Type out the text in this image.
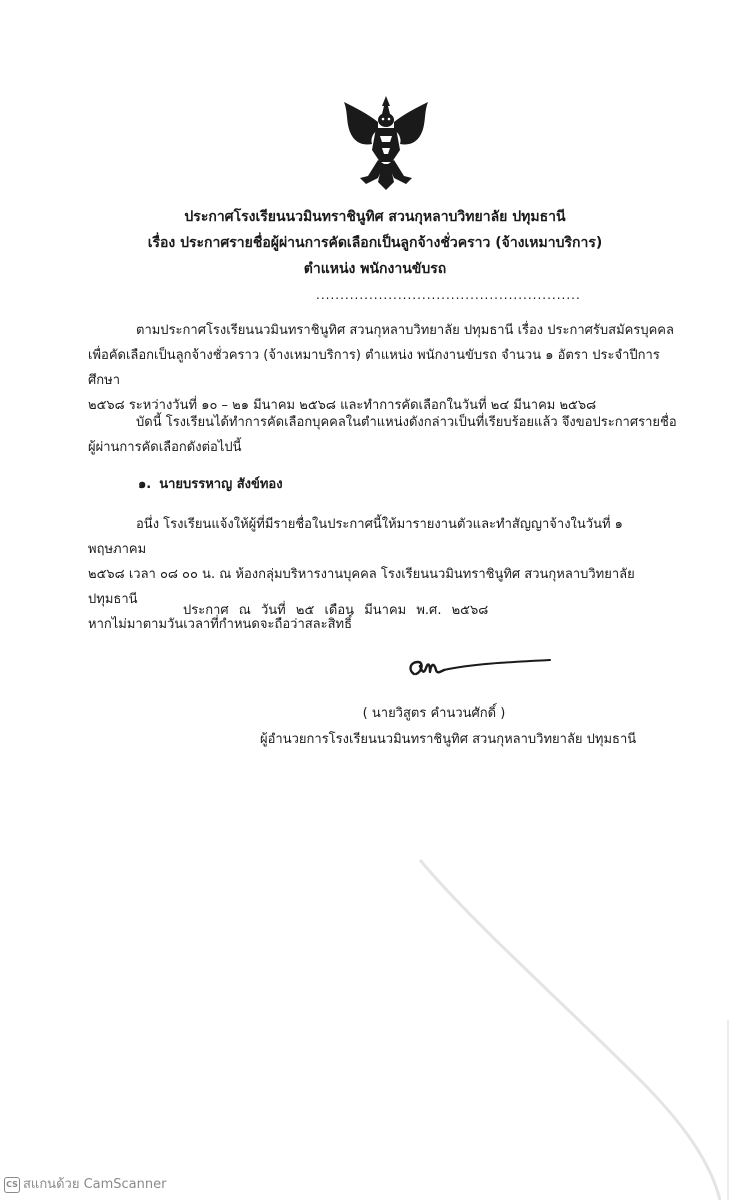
ประกาศโรงเรียนนวมินทราชินูทิศ สวนกุหลาบวิทยาลัย ปทุมธานี
เรื่อง ประกาศรายชื่อผู้ผ่านการคัดเลือกเป็นลูกจ้างชั่วคราว (จ้างเหมาบริการ)
ตำแหน่ง พนักงานขับรถ
.......................................................
ตามประกาศโรงเรียนนวมินทราชินูทิศ สวนกุหลาบวิทยาลัย ปทุมธานี เรื่อง ประกาศรับสมัครบุคคล
เพื่อคัดเลือกเป็นลูกจ้างชั่วคราว (จ้างเหมาบริการ) ตำแหน่ง พนักงานขับรถ จำนวน ๑ อัตรา ประจำปีการศึกษา
๒๕๖๘ ระหว่างวันที่ ๑๐ – ๒๑ มีนาคม ๒๕๖๘ และทำการคัดเลือกในวันที่ ๒๔ มีนาคม ๒๕๖๘
บัดนี้ โรงเรียนได้ทำการคัดเลือกบุคคลในตำแหน่งดังกล่าวเป็นที่เรียบร้อยแล้ว จึงขอประกาศรายชื่อ
ผู้ผ่านการคัดเลือกดังต่อไปนี้
๑. นายบรรหาญ สังข์ทอง
อนึ่ง โรงเรียนแจ้งให้ผู้ที่มีรายชื่อในประกาศนี้ให้มารายงานตัวและทำสัญญาจ้างในวันที่ ๑ พฤษภาคม
๒๕๖๘ เวลา ๐๘ ๐๐ น. ณ ห้องกลุ่มบริหารงานบุคคล โรงเรียนนวมินทราชินูทิศ สวนกุหลาบวิทยาลัย ปทุมธานี
หากไม่มาตามวันเวลาที่กำหนดจะถือว่าสละสิทธิ์
ประกาศ ณ วันที่ ๒๕ เดือน มีนาคม พ.ศ. ๒๕๖๘
( นายวิสูตร คำนวนศักดิ์ )
ผู้อำนวยการโรงเรียนนวมินทราชินูทิศ สวนกุหลาบวิทยาลัย ปทุมธานี
CS สแกนด้วย CamScanner
